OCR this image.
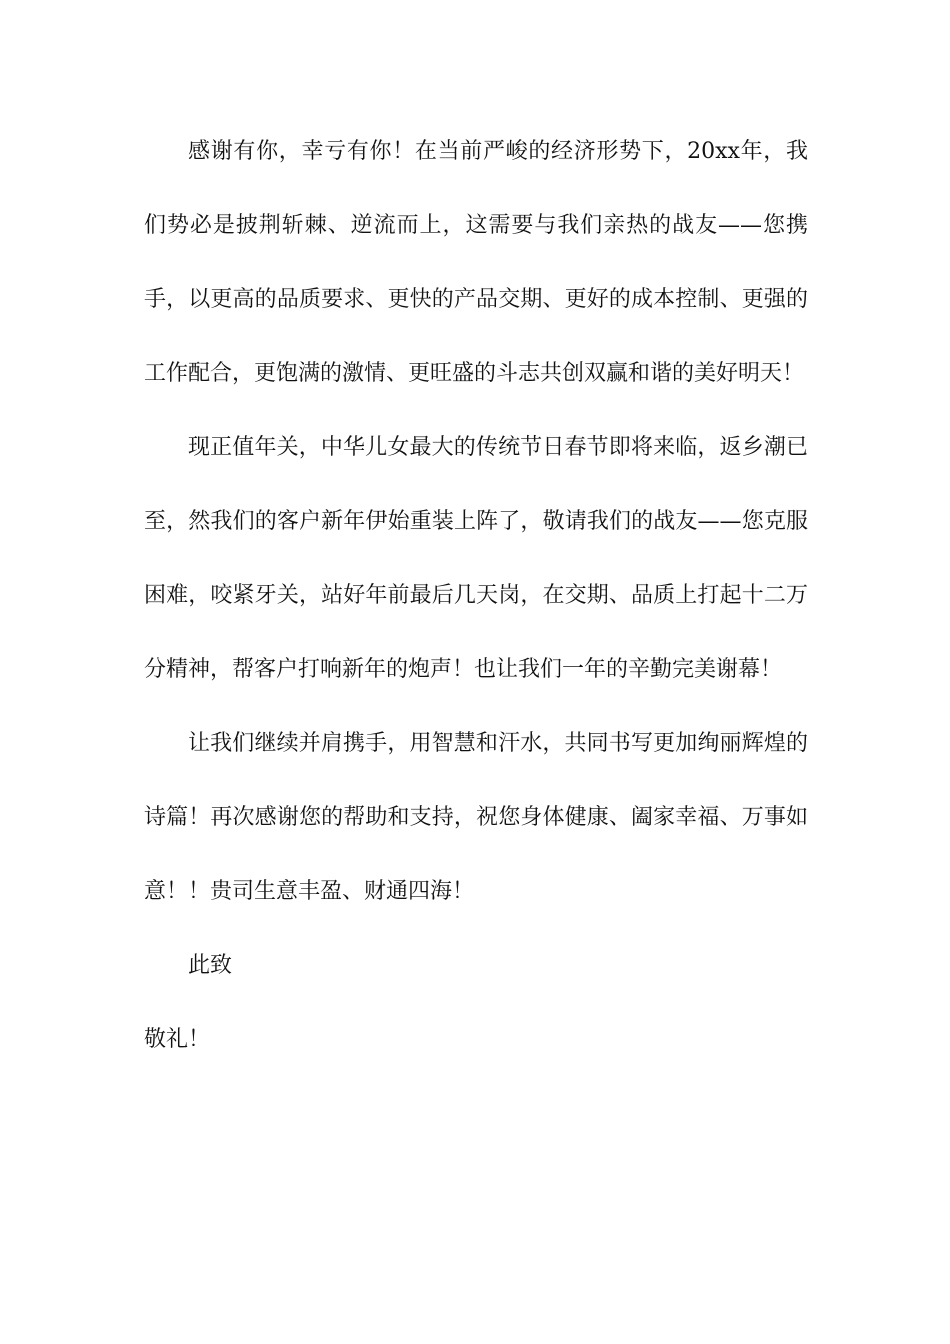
感谢有你，幸亏有你！在当前严峻的经济形势下，20xx年，我们势必是披荆斩棘、逆流而上，这需要与我们亲热的战友——您携手，以更高的品质要求、更快的产品交期、更好的成本控制、更强的工作配合，更饱满的激情、更旺盛的斗志共创双赢和谐的美好明天！

现正值年关，中华儿女最大的传统节日春节即将来临，返乡潮已至，然我们的客户新年伊始重装上阵了，敬请我们的战友——您克服困难，咬紧牙关，站好年前最后几天岗，在交期、品质上打起十二万分精神，帮客户打响新年的炮声！也让我们一年的辛勤完美谢幕！

让我们继续并肩携手，用智慧和汗水，共同书写更加绚丽辉煌的诗篇！再次感谢您的帮助和支持，祝您身体健康、阖家幸福、万事如意！！贵司生意丰盈、财通四海！

此致

敬礼！
